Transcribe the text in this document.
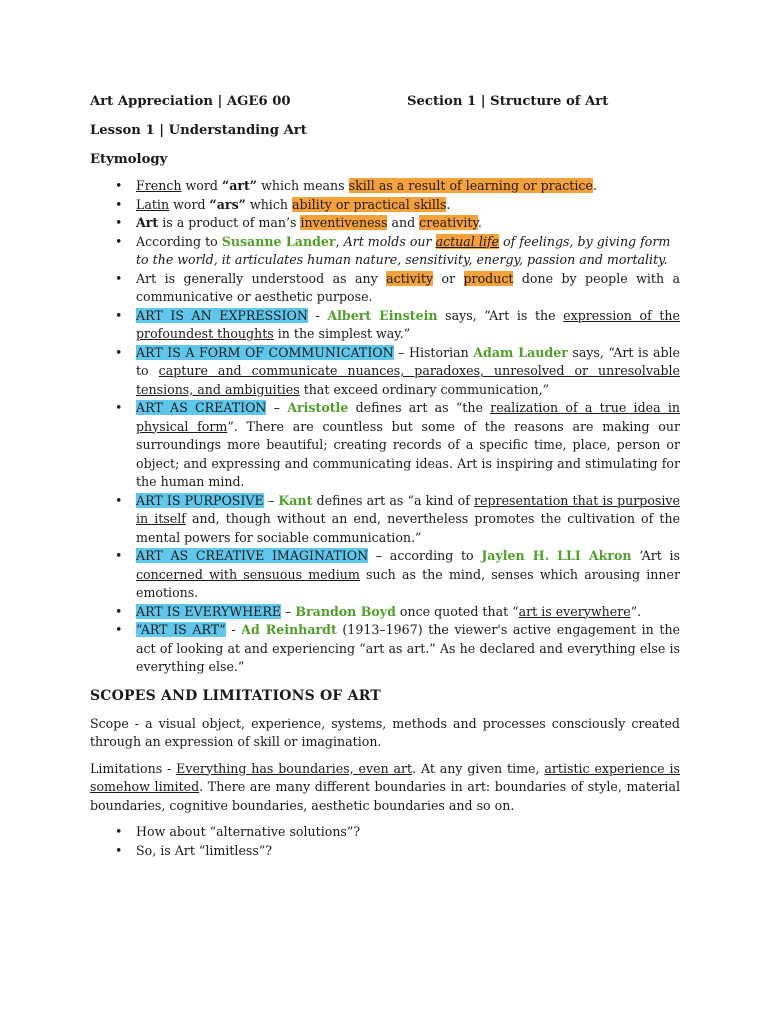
Art Appreciation | AGE6 00	Section 1 | Structure of Art
Lesson 1 | Understanding Art
Etymology
• French word “art” which means skill as a result of learning or practice.
• Latin word “ars” which ability or practical skills.
• Art is a product of man’s inventiveness and creativity.
• According to Susanne Lander, Art molds our actual life of feelings, by giving form to the world, it articulates human nature, sensitivity, energy, passion and mortality.
• Art is generally understood as any activity or product done by people with a communicative or aesthetic purpose.
• ART IS AN EXPRESSION - Albert Einstein says, “Art is the expression of the profoundest thoughts in the simplest way.”
• ART IS A FORM OF COMMUNICATION – Historian Adam Lauder says, “Art is able to capture and communicate nuances, paradoxes, unresolved or unresolvable tensions, and ambiguities that exceed ordinary communication,”
• ART AS CREATION – Aristotle defines art as “the realization of a true idea in physical form”. There are countless but some of the reasons are making our surroundings more beautiful; creating records of a specific time, place, person or object; and expressing and communicating ideas. Art is inspiring and stimulating for the human mind.
• ART IS PURPOSIVE – Kant defines art as “a kind of representation that is purposive in itself and, though without an end, nevertheless promotes the cultivation of the mental powers for sociable communication.”
• ART AS CREATIVE IMAGINATION – according to Jaylen H. LLI Akron ‘Art is concerned with sensuous medium such as the mind, senses which arousing inner emotions.
• ART IS EVERYWHERE – Brandon Boyd once quoted that “art is everywhere”.
• “ART IS ART” - Ad Reinhardt (1913–1967) the viewer's active engagement in the act of looking at and experiencing “art as art.” As he declared and everything else is everything else.”
SCOPES AND LIMITATIONS OF ART
Scope - a visual object, experience, systems, methods and processes consciously created through an expression of skill or imagination.
Limitations - Everything has boundaries, even art. At any given time, artistic experience is somehow limited. There are many different boundaries in art: boundaries of style, material boundaries, cognitive boundaries, aesthetic boundaries and so on.
• How about “alternative solutions”?
• So, is Art “limitless”?
